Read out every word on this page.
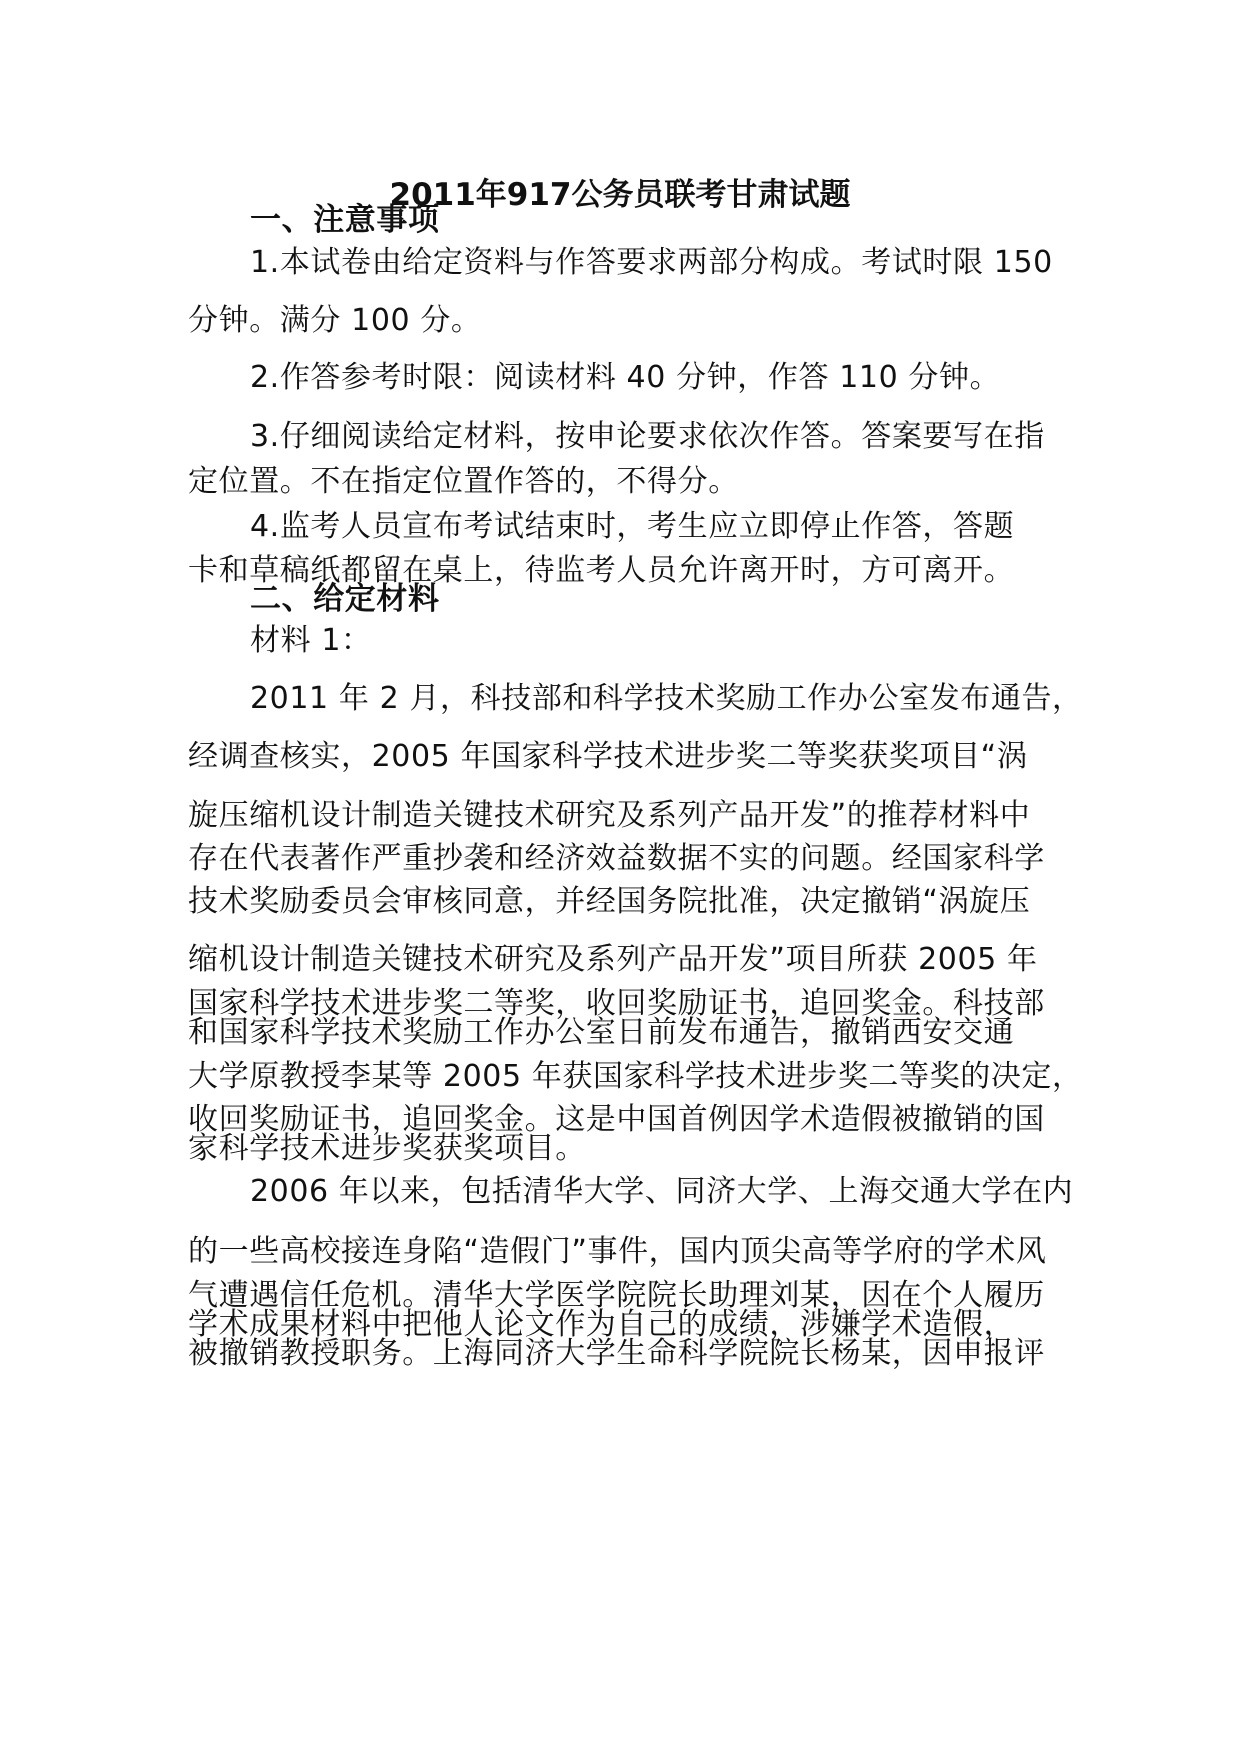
2011年917公务员联考甘肃试题
一、注意事项
1.本试卷由给定资料与作答要求两部分构成。考试时限 150
分钟。满分 100 分。
2.作答参考时限：阅读材料 40 分钟，作答 110 分钟。
3.仔细阅读给定材料，按申论要求依次作答。答案要写在指
定位置。不在指定位置作答的，不得分。
4.监考人员宣布考试结束时，考生应立即停止作答，答题
卡和草稿纸都留在桌上，待监考人员允许离开时，方可离开。
二、给定材料
材料 1：
2011 年 2 月，科技部和科学技术奖励工作办公室发布通告，
经调查核实，2005 年国家科学技术进步奖二等奖获奖项目“涡
旋压缩机设计制造关键技术研究及系列产品开发”的推荐材料中
存在代表著作严重抄袭和经济效益数据不实的问题。经国家科学
技术奖励委员会审核同意，并经国务院批准，决定撤销“涡旋压
缩机设计制造关键技术研究及系列产品开发”项目所获 2005 年
国家科学技术进步奖二等奖，收回奖励证书，追回奖金。科技部
和国家科学技术奖励工作办公室日前发布通告，撤销西安交通
大学原教授李某等 2005 年获国家科学技术进步奖二等奖的决定，
收回奖励证书，追回奖金。这是中国首例因学术造假被撤销的国
家科学技术进步奖获奖项目。
2006 年以来，包括清华大学、同济大学、上海交通大学在内
的一些高校接连身陷“造假门”事件，国内顶尖高等学府的学术风
气遭遇信任危机。清华大学医学院院长助理刘某，因在个人履历
学术成果材料中把他人论文作为自己的成绩，涉嫌学术造假，
被撤销教授职务。上海同济大学生命科学院院长杨某，因申报评
